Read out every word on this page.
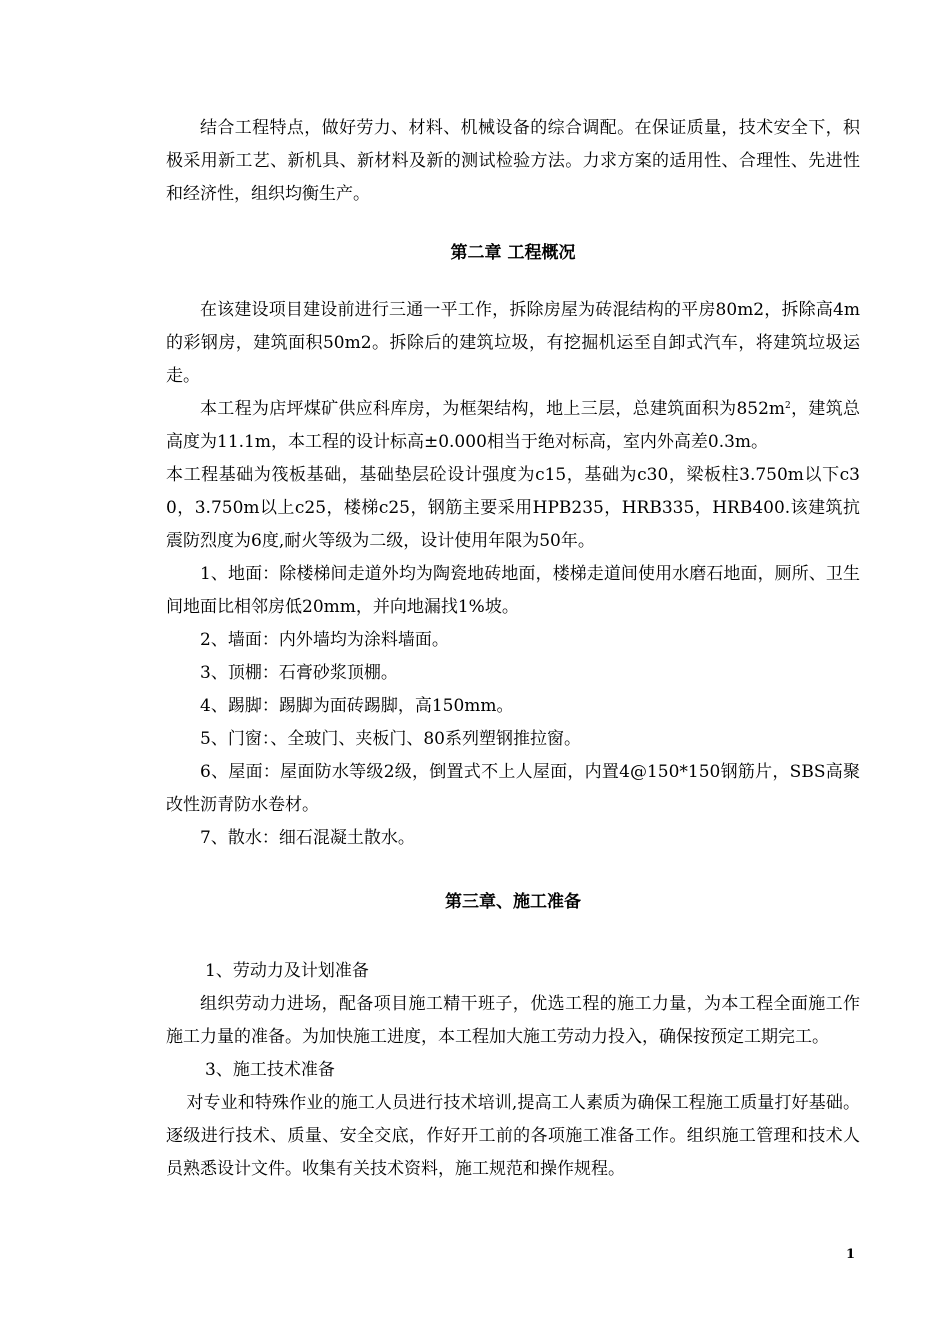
结合工程特点，做好劳力、材料、机械设备的综合调配。在保证质量，技术安全下，积极采用新工艺、新机具、新材料及新的测试检验方法。力求方案的适用性、合理性、先进性和经济性，组织均衡生产。

第二章 工程概况

在该建设项目建设前进行三通一平工作，拆除房屋为砖混结构的平房80m2，拆除高4m的彩钢房，建筑面积50m2。拆除后的建筑垃圾，有挖掘机运至自卸式汽车，将建筑垃圾运走。

本工程为店坪煤矿供应科库房，为框架结构，地上三层，总建筑面积为$852m^2$，建筑总高度为11.1m，本工程的设计标高±0.000相当于绝对标高，室内外高差0.3m。

本工程基础为筏板基础，基础垫层砼设计强度为c15，基础为c30，梁板柱3.750m以下c30，3.750m以上c25，楼梯c25，钢筋主要采用HPB235，HRB335，HRB400.该建筑抗震防烈度为6度,耐火等级为二级，设计使用年限为50年。

1、地面：除楼梯间走道外均为陶瓷地砖地面，楼梯走道间使用水磨石地面，厕所、卫生间地面比相邻房低20mm，并向地漏找1%坡。

2、墙面：内外墙均为涂料墙面。

3、顶棚：石膏砂浆顶棚。

4、踢脚：踢脚为面砖踢脚，高150mm。

5、门窗：、全玻门、夹板门、80系列塑钢推拉窗。

6、屋面：屋面防水等级2级，倒置式不上人屋面，内置4@150*150钢筋片，SBS高聚改性沥青防水卷材。

7、散水：细石混凝土散水。

第三章、施工准备

1、劳动力及计划准备

组织劳动力进场，配备项目施工精干班子，优选工程的施工力量，为本工程全面施工作施工力量的准备。为加快施工进度，本工程加大施工劳动力投入，确保按预定工期完工。

3、施工技术准备

对专业和特殊作业的施工人员进行技术培训,提高工人素质为确保工程施工质量打好基础。逐级进行技术、质量、安全交底，作好开工前的各项施工准备工作。组织施工管理和技术人员熟悉设计文件。收集有关技术资料，施工规范和操作规程。

1
